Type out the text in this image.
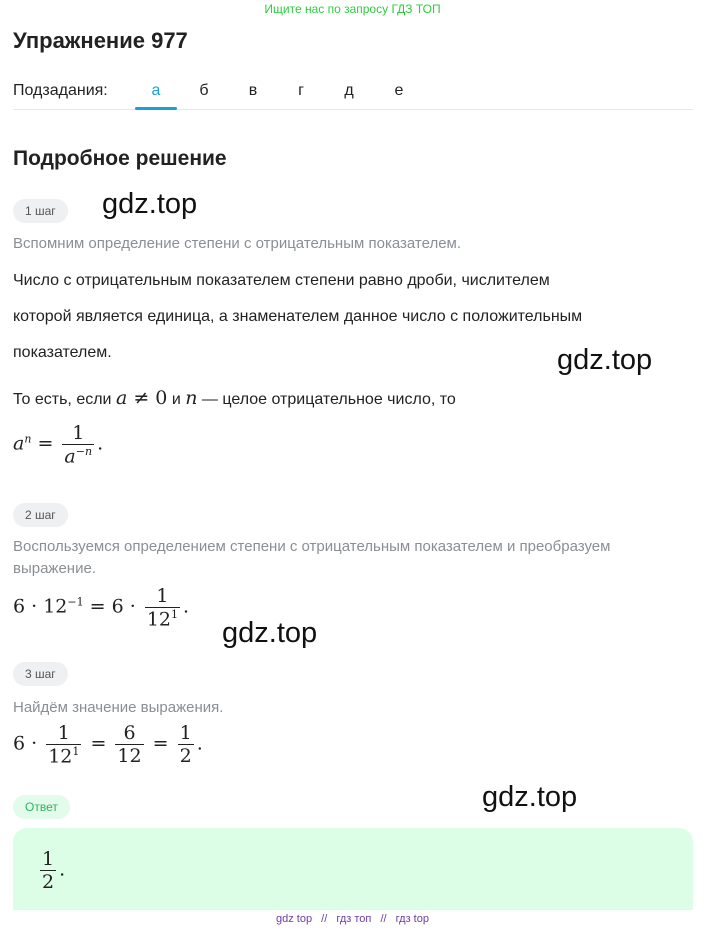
Ищите нас по запросу ГДЗ ТОП
Упражнение 977
Подзадания:	а	б	в	г	д	е
Подробное решение
1 шаг	gdz.top
Вспомним определение степени с отрицательным показателем.
Число с отрицательным показателем степени равно дроби, числителем
которой является единица, а знаменателем данное число с положительным
показателем.	gdz.top
То есть, если a ≠ 0 и n — целое отрицательное число, то
$a^n = \frac{1}{a^{-n}}$ .
2 шаг
Воспользуемся определением степени с отрицательным показателем и преобразуем
выражение.
$6 \cdot 12^{-1} = 6 \cdot \frac{1}{12^1}$ .
gdz.top
3 шаг
Найдём значение выражения.
$6 \cdot \frac{1}{12^1} = \frac{6}{12} = \frac{1}{2}$ .
gdz.top
Ответ
$\frac{1}{2}$ .
gdz top // гдз топ // гдз top
